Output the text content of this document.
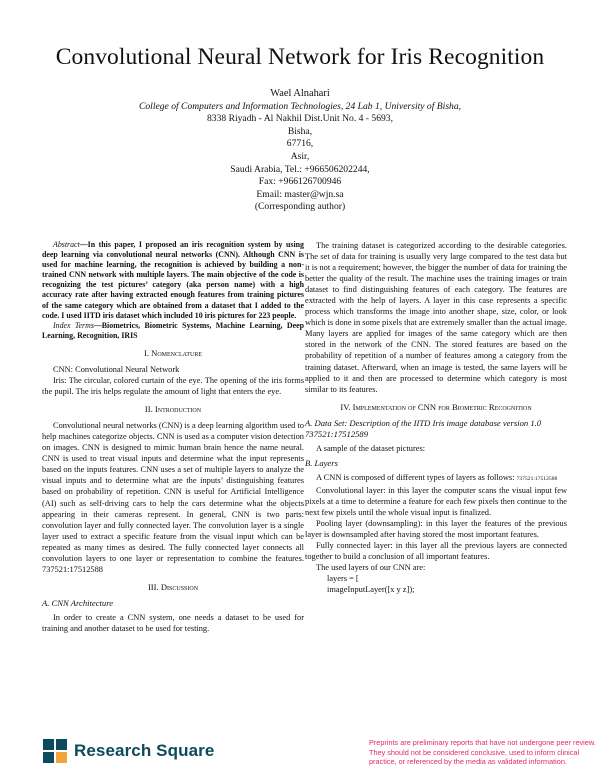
Convolutional Neural Network for Iris Recognition
Wael Alnahari
College of Computers and Information Technologies, 24 Lab 1, University of Bisha,
8338 Riyadh - Al Nakhil Dist.Unit No. 4 - 5693,
Bisha,
67716,
Asir,
Saudi Arabia, Tel.: +966506202244,
Fax: +966126700946
Email: master@wjn.sa
(Corresponding author)

Abstract—In this paper, I proposed an iris recognition system by using deep learning via convolutional neural networks (CNN). Although CNN is used for machine learning, the recognition is achieved by building a non-trained CNN network with multiple layers. The main objective of the code is recognizing the test pictures’ category (aka person name) with a high accuracy rate after having extracted enough features from training pictures of the same category which are obtained from a dataset that I added to the code. I used IITD iris dataset which included 10 iris pictures for 223 people.

Index Terms—Biometrics, Biometric Systems, Machine Learning, Deep Learning, Recognition, IRIS

I. Nomenclature

CNN: Convolutional Neural Network

Iris: The circular, colored curtain of the eye. The opening of the iris forms the pupil. The iris helps regulate the amount of light that enters the eye.

II. Introduction

Convolutional neural networks (CNN) is a deep learning algorithm used to help machines categorize objects. CNN is used as a computer vision detection on images. CNN is designed to mimic human brain hence the name neural. CNN is used to treat visual inputs and determine what the input represents based on the inputs features. CNN uses a set of multiple layers to analyze the visual inputs and to determine what are the inputs’ distinguishing features based on probability of repetition. CNN is useful for Artificial Intelligence (AI) such as self-driving cars to help the cars determine what the objects appearing in their cameras represent. In general, CNN is two parts: convolution layer and fully connected layer. The convolution layer is a single layer used to extract a specific feature from the visual input which can be repeated as many times as desired. The fully connected layer connects all convolution layers to one layer or representation to combine the features. 737521:17512588

III. Discussion
A. CNN Architecture

In order to create a CNN system, one needs a dataset to be used for training and another dataset to be used for testing.

The training dataset is categorized according to the desirable categories. The set of data for training is usually very large compared to the test data but it is not a requirement; however, the bigger the number of data for training the better the quality of the result. The machine uses the training images or train dataset to find distinguishing features of each category. The features are extracted with the help of layers. A layer in this case represents a specific process which transforms the image into another shape, size, color, or look which is done in some pixels that are extremely smaller than the actual image. Many layers are applied for images of the same category which are then stored in the network of the CNN. The stored features are based on the probability of repetition of a number of features among a category from the training dataset. Afterward, when an image is tested, the same layers will be applied to it and then are processed to determine which category is most similar to its features.

IV. Implementation of CNN for Biometric Recognition
A. Data Set: Description of the IITD Iris image database version 1.0 737521:17512589

A sample of the dataset pictures:

B. Layers

A CNN is composed of different types of layers as follows: 737521:17512588

Convolutional layer: in this layer the computer scans the visual input few pixels at a time to determine a feature for each few pixels then continue to the next few pixels until the whole visual input is finalized.

Pooling layer (downsampling): in this layer the features of the previous layer is downsampled after having stored the most important features.

Fully connected layer: in this layer all the previous layers are connected together to build a conclusion of all important features.

The used layers of our CNN are:

layers = [

imageInputLayer([x y z]);

Research Square	Preprints are preliminary reports that have not undergone peer review. They should not be considered conclusive, used to inform clinical practice, or referenced by the media as validated information.
